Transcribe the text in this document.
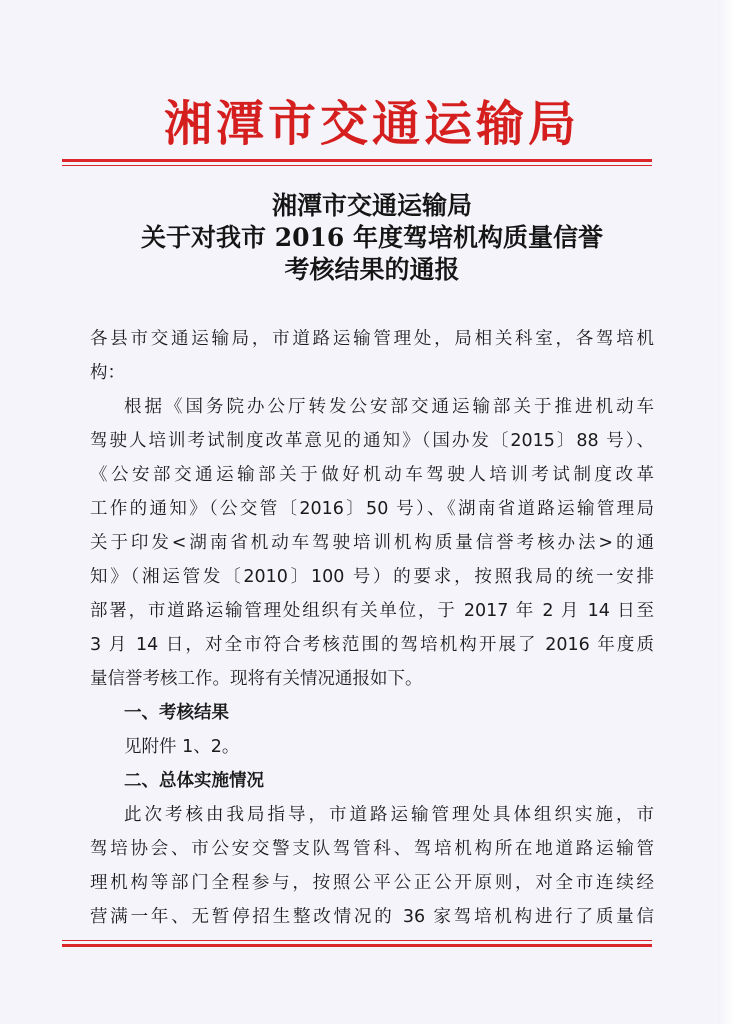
湘潭市交通运输局
湘潭市交通运输局
关于对我市 2016 年度驾培机构质量信誉
考核结果的通报
各县市交通运输局，市道路运输管理处，局相关科室，各驾培机
构：
根据《国务院办公厅转发公安部交通运输部关于推进机动车
驾驶人培训考试制度改革意见的通知》（国办发〔2015〕88 号）、
《公安部交通运输部关于做好机动车驾驶人培训考试制度改革
工作的通知》（公交管〔2016〕50 号）、《湖南省道路运输管理局
关于印发<湖南省机动车驾驶培训机构质量信誉考核办法>的通
知》（湘运管发〔2010〕100 号）的要求，按照我局的统一安排
部署，市道路运输管理处组织有关单位，于 2017 年 2 月 14 日至
3 月 14 日，对全市符合考核范围的驾培机构开展了 2016 年度质
量信誉考核工作。现将有关情况通报如下。
一、考核结果
见附件 1、2。
二、总体实施情况
此次考核由我局指导，市道路运输管理处具体组织实施，市
驾培协会、市公安交警支队驾管科、驾培机构所在地道路运输管
理机构等部门全程参与，按照公平公正公开原则，对全市连续经
营满一年、无暂停招生整改情况的 36 家驾培机构进行了质量信
